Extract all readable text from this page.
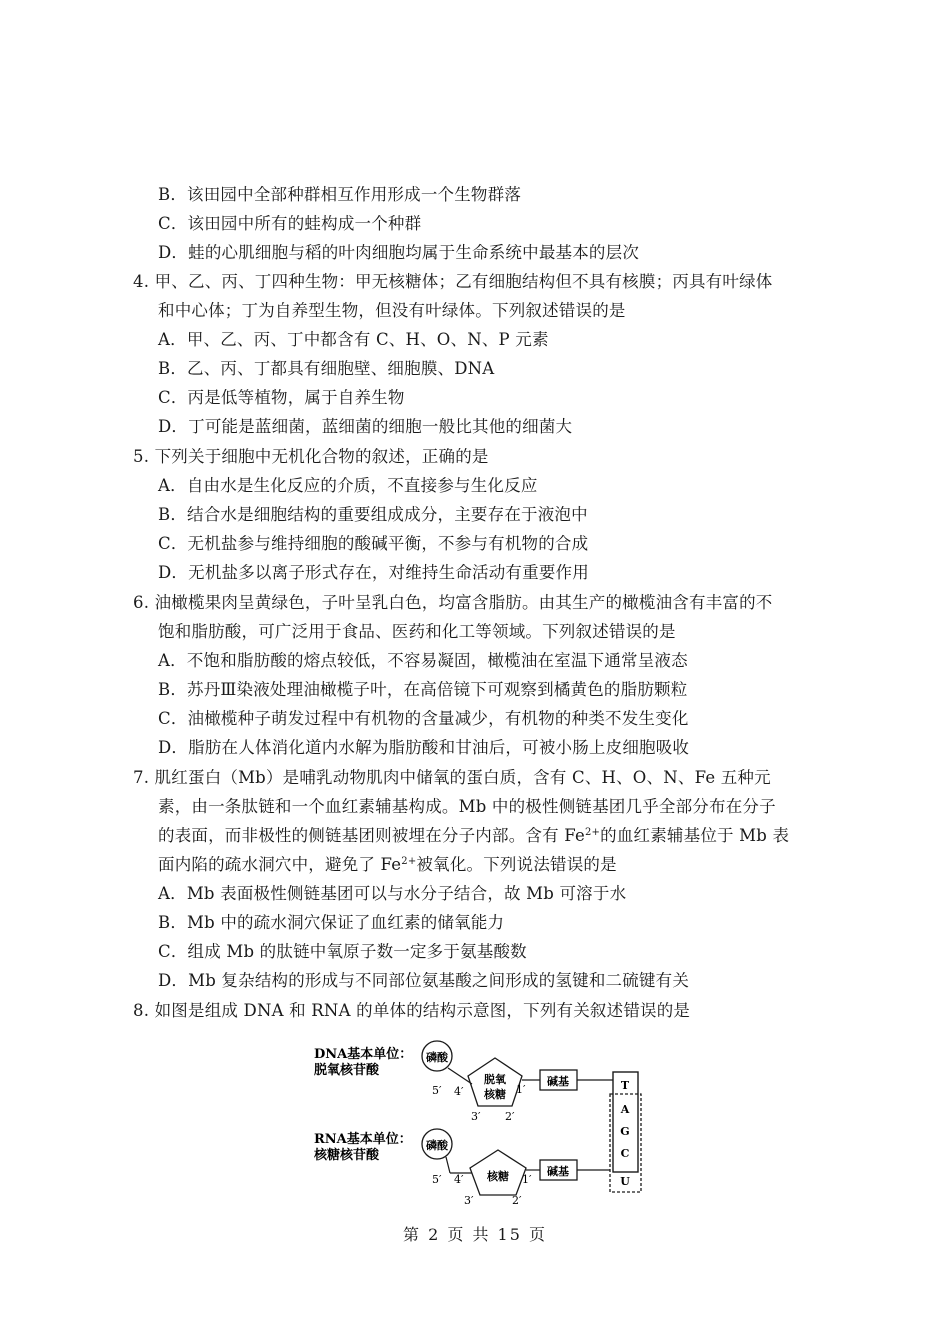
B．该田园中全部种群相互作用形成一个生物群落
C．该田园中所有的蛙构成一个种群
D．蛙的心肌细胞与稻的叶肉细胞均属于生命系统中最基本的层次
4. 甲、乙、丙、丁四种生物：甲无核糖体；乙有细胞结构但不具有核膜；丙具有叶绿体
和中心体；丁为自养型生物，但没有叶绿体。下列叙述错误的是
A．甲、乙、丙、丁中都含有 C、H、O、N、P 元素
B．乙、丙、丁都具有细胞壁、细胞膜、DNA
C．丙是低等植物，属于自养生物
D．丁可能是蓝细菌，蓝细菌的细胞一般比其他的细菌大
5. 下列关于细胞中无机化合物的叙述，正确的是
A．自由水是生化反应的介质，不直接参与生化反应
B．结合水是细胞结构的重要组成成分，主要存在于液泡中
C．无机盐参与维持细胞的酸碱平衡，不参与有机物的合成
D．无机盐多以离子形式存在，对维持生命活动有重要作用
6. 油橄榄果肉呈黄绿色，子叶呈乳白色，均富含脂肪。由其生产的橄榄油含有丰富的不
饱和脂肪酸，可广泛用于食品、医药和化工等领域。下列叙述错误的是
A．不饱和脂肪酸的熔点较低，不容易凝固，橄榄油在室温下通常呈液态
B．苏丹Ⅲ染液处理油橄榄子叶，在高倍镜下可观察到橘黄色的脂肪颗粒
C．油橄榄种子萌发过程中有机物的含量减少，有机物的种类不发生变化
D．脂肪在人体消化道内水解为脂肪酸和甘油后，可被小肠上皮细胞吸收
7. 肌红蛋白（Mb）是哺乳动物肌肉中储氧的蛋白质，含有 C、H、O、N、Fe 五种元
素，由一条肽链和一个血红素辅基构成。Mb 中的极性侧链基团几乎全部分布在分子
的表面，而非极性的侧链基团则被埋在分子内部。含有 $Fe^{2+}$的血红素辅基位于 Mb 表
面内陷的疏水洞穴中，避免了 $Fe^{2+}$被氧化。下列说法错误的是
A．Mb 表面极性侧链基团可以与水分子结合，故 Mb 可溶于水
B．Mb 中的疏水洞穴保证了血红素的储氧能力
C．组成 Mb 的肽链中氧原子数一定多于氨基酸数
D．Mb 复杂结构的形成与不同部位氨基酸之间形成的氢键和二硫键有关
8. 如图是组成 DNA 和 RNA 的单体的结构示意图，下列有关叙述错误的是
DNA基本单位：
脱氧核苷酸
磷酸
5′ 4′
脱氧
核糖
3′ 2′
1′
碱基
RNA基本单位：
核糖核苷酸
磷酸
5′ 4′ 核糖
3′	2′
1′
碱基
T
A
G
C
U
第 2 页 共 15 页
